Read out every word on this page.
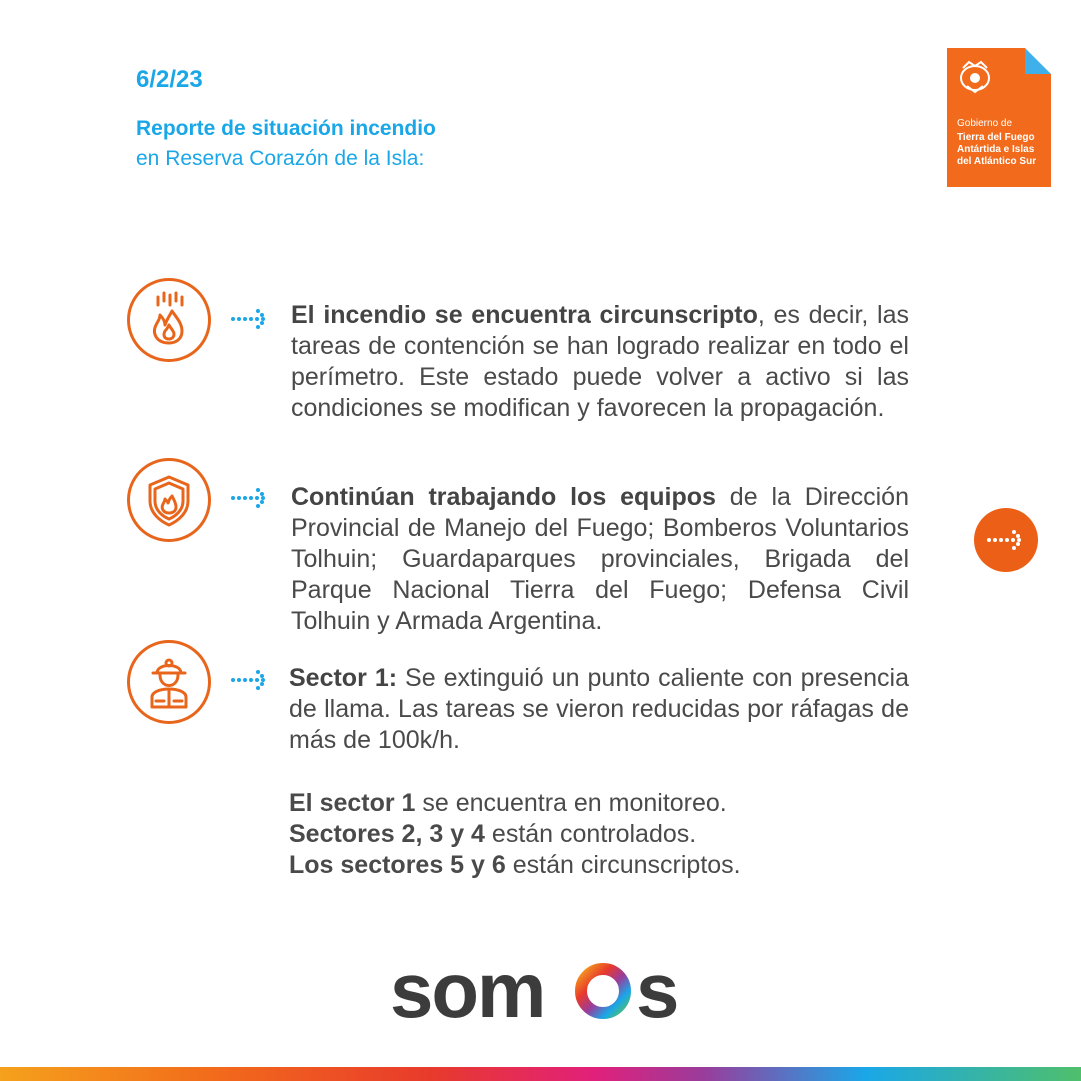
6/2/23
Reporte de situación incendio
en Reserva Corazón de la Isla:
Gobierno de
Tierra del Fuego
Antártida e Islas
del Atlántico Sur
El incendio se encuentra circunscripto, es decir, las tareas de contención se han logrado realizar en todo el perímetro. Este estado puede volver a activo si las condiciones se modifican y favorecen la propagación.
Continúan trabajando los equipos de la Dirección Provincial de Manejo del Fuego; Bomberos Voluntarios Tolhuin; Guardaparques provinciales, Brigada del Parque Nacional Tierra del Fuego; Defensa Civil Tolhuin y Armada Argentina.
Sector 1: Se extinguió un punto caliente con presencia de llama. Las tareas se vieron reducidas por ráfagas de más de 100k/h.
El sector 1 se encuentra en monitoreo.
Sectores 2, 3 y 4 están controlados.
Los sectores 5 y 6 están circunscriptos.
som s
